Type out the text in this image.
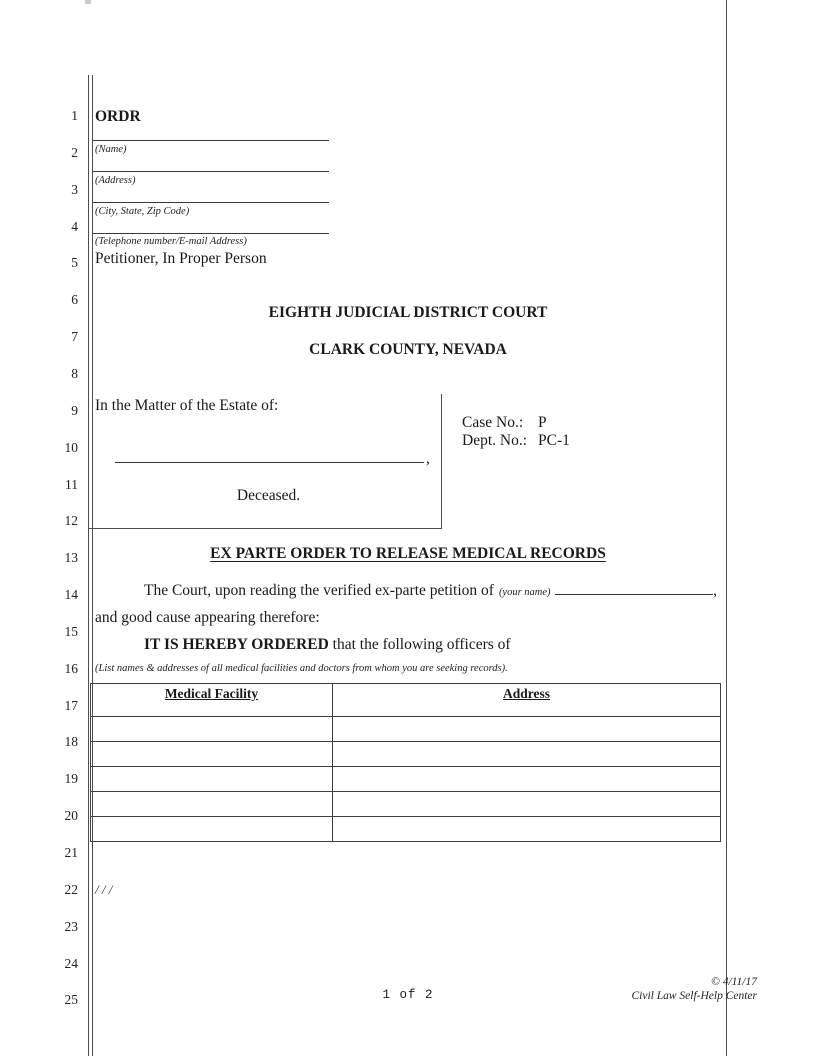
1
2
3
4
5
6
7
8
9
10
11
12
13
14
15
16
17
18
19
20
21
22
23
24
25
ORDR
(Name)
(Address)
(City, State, Zip Code)
(Telephone number/E-mail Address)
Petitioner, In Proper Person
EIGHTH JUDICIAL DISTRICT COURT
CLARK COUNTY, NEVADA
In the Matter of the Estate of:
,
Deceased.
Case No.: P
Dept. No.: PC-1
EX PARTE ORDER TO RELEASE MEDICAL RECORDS
The Court, upon reading the verified ex-parte petition of (your name)	,
and good cause appearing therefore:
IT IS HEREBY ORDERED that the following officers of
(List names & addresses of all medical facilities and doctors from whom you are seeking records).
Medical Facility	Address

/ / /
1 of 2
© 4/11/17
Civil Law Self-Help Center
